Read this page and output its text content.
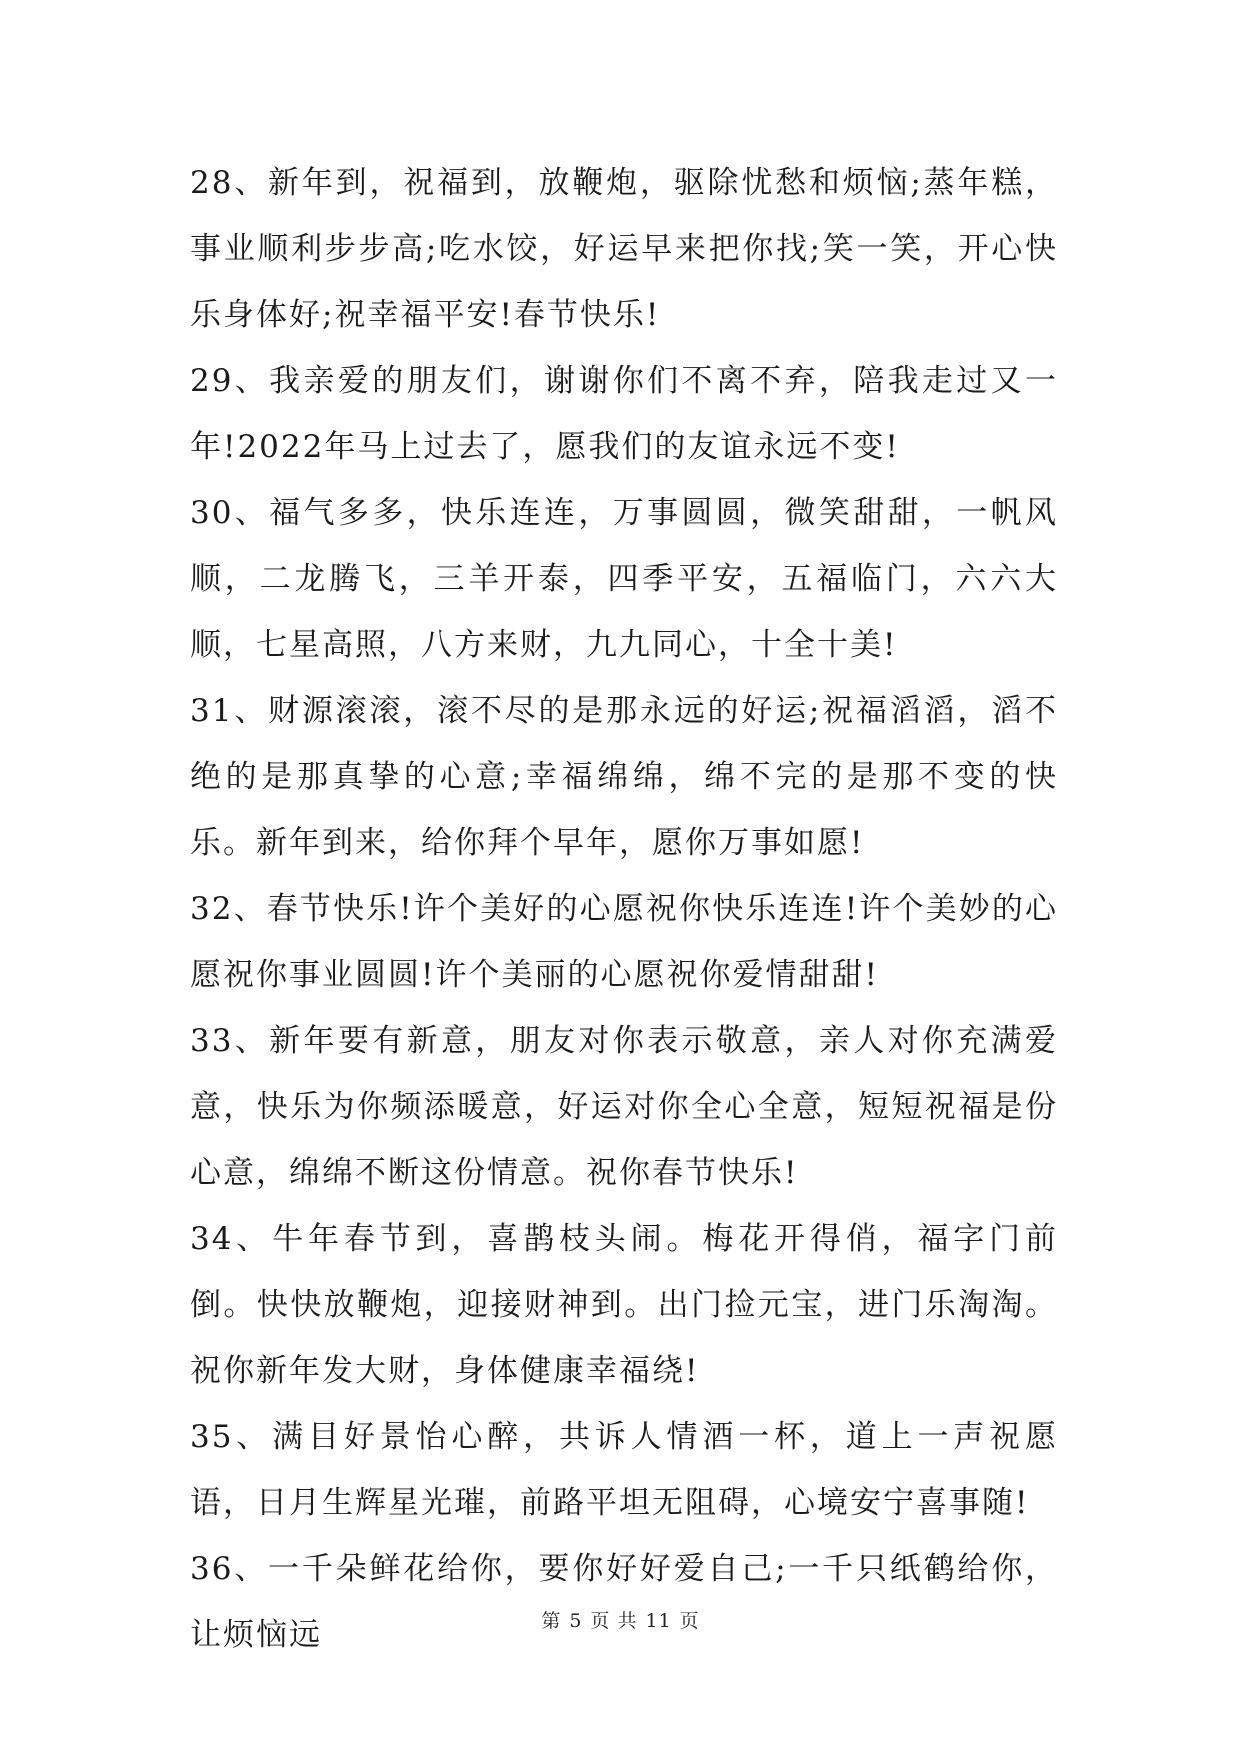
28、新年到，祝福到，放鞭炮，驱除忧愁和烦恼;蒸年糕，事业顺利步步高;吃水饺，好运早来把你找;笑一笑，开心快乐身体好;祝幸福平安!春节快乐!

29、我亲爱的朋友们，谢谢你们不离不弃，陪我走过又一年!2022年马上过去了，愿我们的友谊永远不变!

30、福气多多，快乐连连，万事圆圆，微笑甜甜，一帆风顺，二龙腾飞，三羊开泰，四季平安，五福临门，六六大顺，七星高照，八方来财，九九同心，十全十美!

31、财源滚滚，滚不尽的是那永远的好运;祝福滔滔，滔不绝的是那真挚的心意;幸福绵绵，绵不完的是那不变的快乐。新年到来，给你拜个早年，愿你万事如愿!

32、春节快乐!许个美好的心愿祝你快乐连连!许个美妙的心愿祝你事业圆圆!许个美丽的心愿祝你爱情甜甜!

33、新年要有新意，朋友对你表示敬意，亲人对你充满爱意，快乐为你频添暖意，好运对你全心全意，短短祝福是份心意，绵绵不断这份情意。祝你春节快乐!

34、牛年春节到，喜鹊枝头闹。梅花开得俏，福字门前倒。快快放鞭炮，迎接财神到。出门捡元宝，进门乐淘淘。祝你新年发大财，身体健康幸福绕!

35、满目好景怡心醉，共诉人情酒一杯，道上一声祝愿语，日月生辉星光璀，前路平坦无阻碍，心境安宁喜事随!

36、一千朵鲜花给你，要你好好爱自己;一千只纸鹤给你，让烦恼远	第 5 页 共 11 页
